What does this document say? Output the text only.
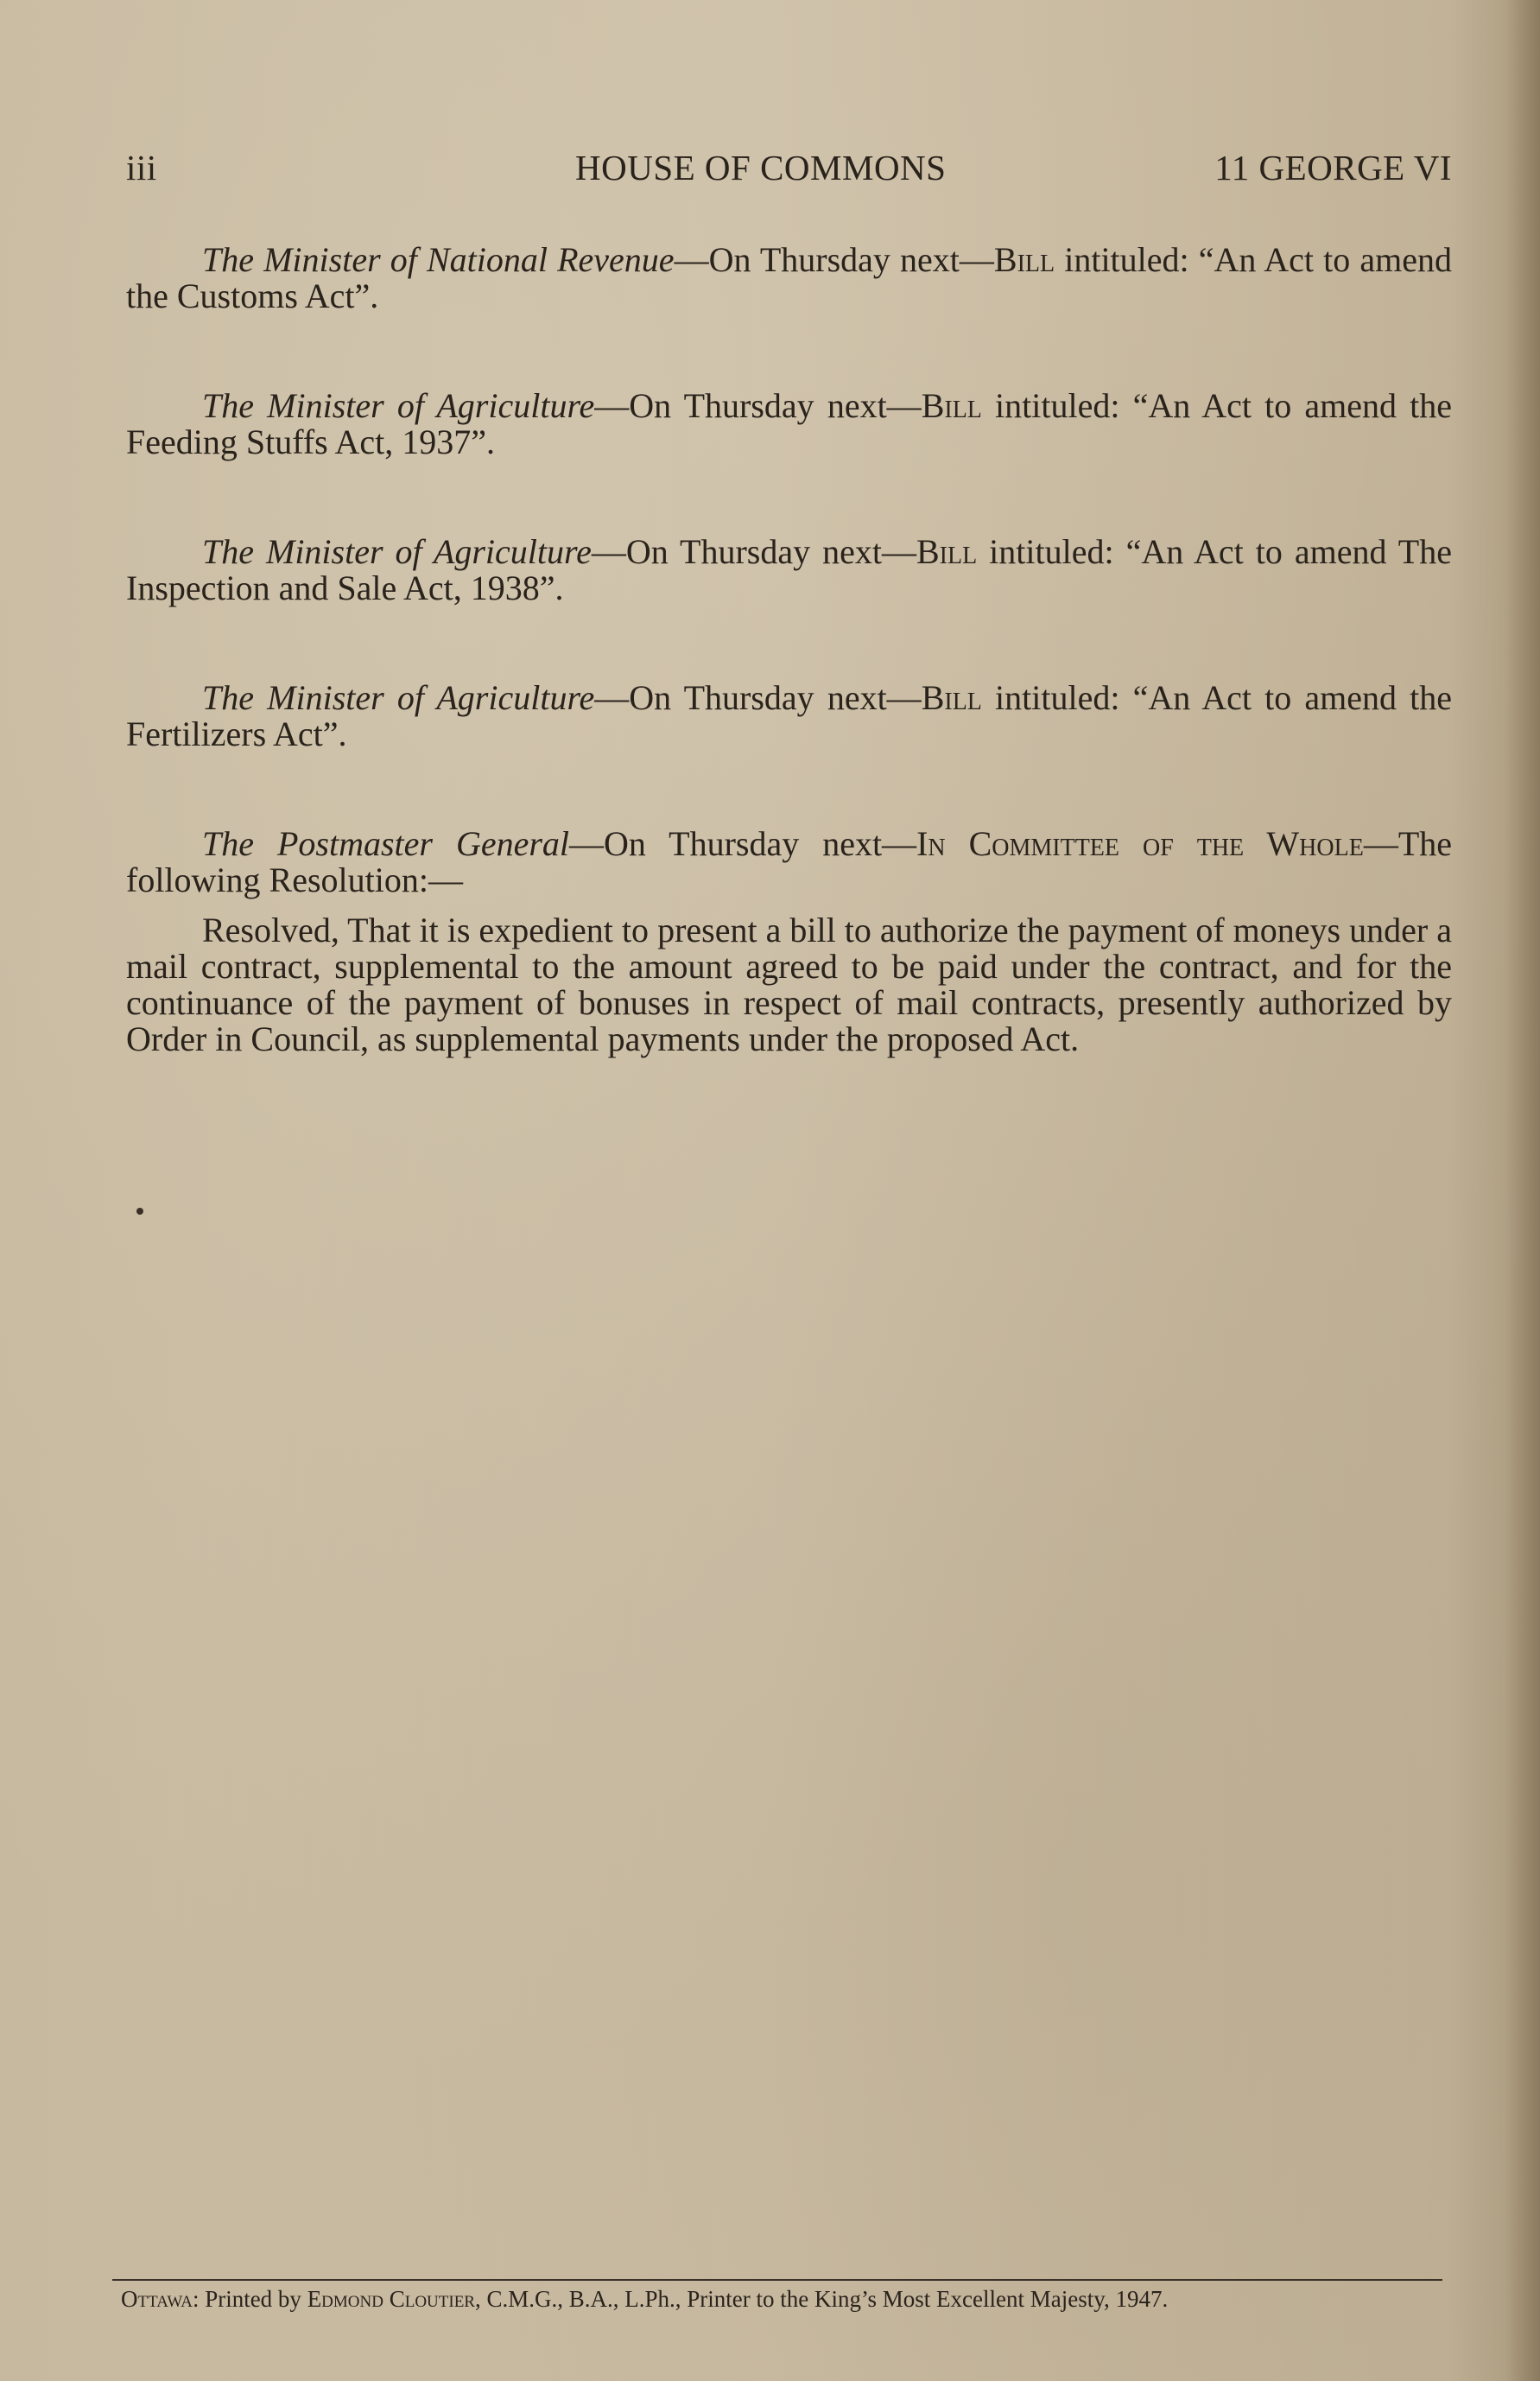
iii	HOUSE OF COMMONS	11 GEORGE VI

The Minister of National Revenue—On Thursday next—Bill intituled: “An Act to amend the Customs Act”.

The Minister of Agriculture—On Thursday next—Bill intituled: “An Act to amend the Feeding Stuffs Act, 1937”.

The Minister of Agriculture—On Thursday next—Bill intituled: “An Act to amend The Inspection and Sale Act, 1938”.

The Minister of Agriculture—On Thursday next—Bill intituled: “An Act to amend the Fertilizers Act”.

The Postmaster General—On Thursday next—In Committee of the Whole—The following Resolution:—

Resolved, That it is expedient to present a bill to authorize the payment of moneys under a mail contract, supplemental to the amount agreed to be paid under the contract, and for the continuance of the payment of bonuses in respect of mail contracts, presently authorized by Order in Council, as supplemental payments under the proposed Act.

Ottawa: Printed by Edmond Cloutier, C.M.G., B.A., L.Ph., Printer to the King’s Most Excellent Majesty, 1947.
